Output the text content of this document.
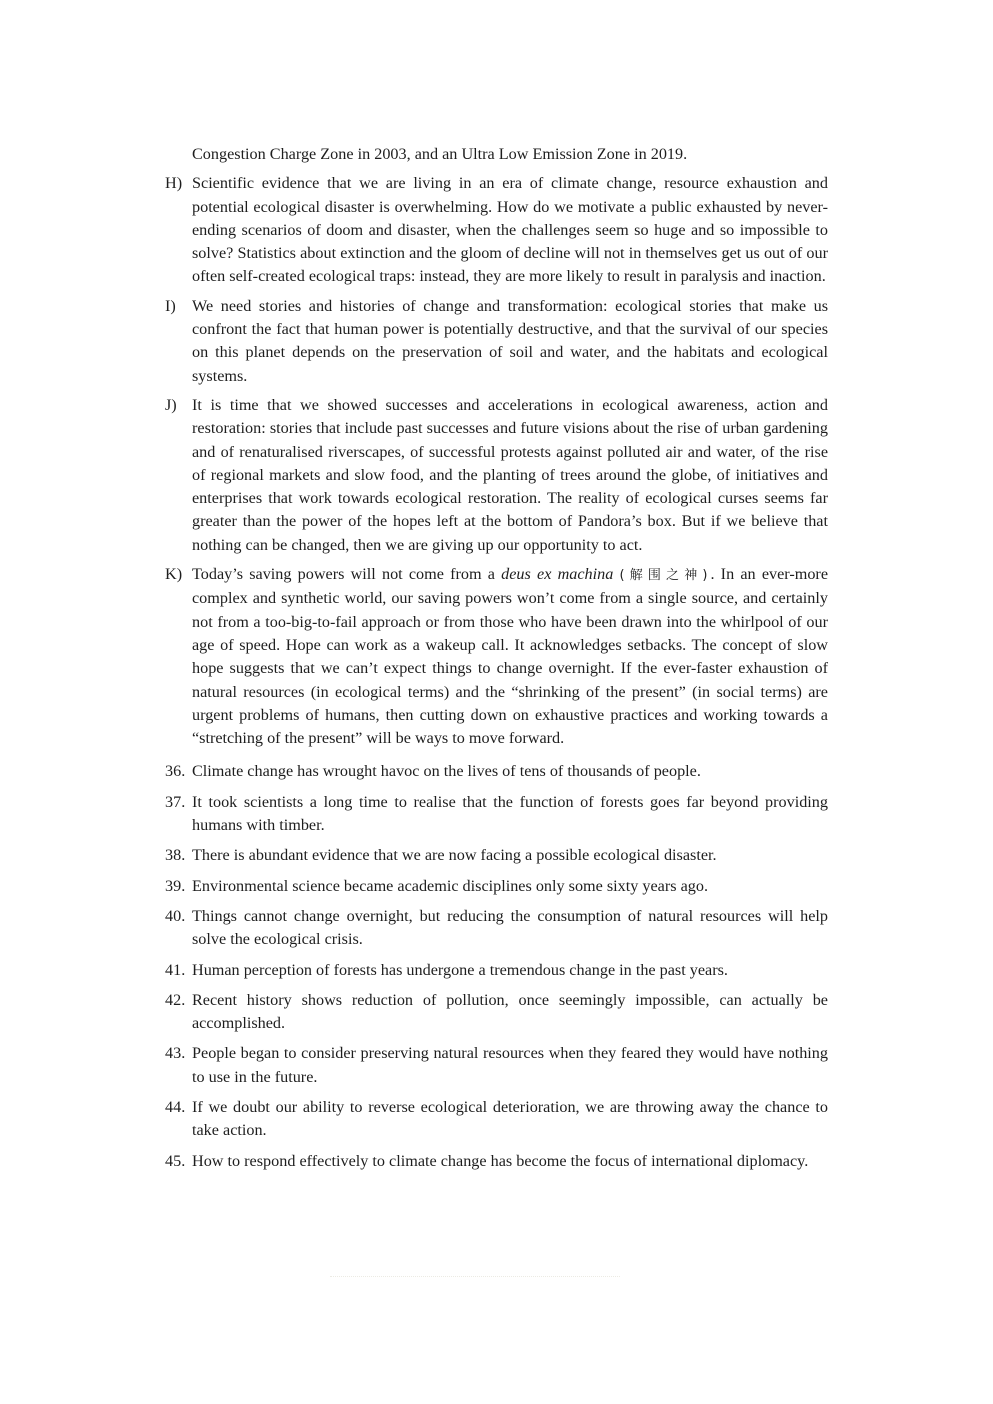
Congestion Charge Zone in 2003, and an Ultra Low Emission Zone in 2019.
H) Scientific evidence that we are living in an era of climate change, resource exhaustion and potential ecological disaster is overwhelming. How do we motivate a public exhausted by never-ending scenarios of doom and disaster, when the challenges seem so huge and so impossible to solve? Statistics about extinction and the gloom of decline will not in themselves get us out of our often self-created ecological traps: instead, they are more likely to result in paralysis and inaction.
I)	We need stories and histories of change and transformation: ecological stories that make us confront the fact that human power is potentially destructive, and that the survival of our species on this planet depends on the preservation of soil and water, and the habitats and ecological systems.
J) It is time that we showed successes and accelerations in ecological awareness, action and restoration: stories that include past successes and future visions about the rise of urban gardening and of renaturalised riverscapes, of successful protests against polluted air and water, of the rise of regional markets and slow food, and the planting of trees around the globe, of initiatives and enterprises that work towards ecological restoration. The reality of ecological curses seems far greater than the power of the hopes left at the bottom of Pandora’s box. But if we believe that nothing can be changed, then we are giving up our opportunity to act.
K) Today’s saving powers will not come from a deus ex machina (解围之神). In an ever-more complex and synthetic world, our saving powers won’t come from a single source, and certainly not from a too-big-to-fail approach or from those who have been drawn into the whirlpool of our age of speed. Hope can work as a wakeup call. It acknowledges setbacks. The concept of slow hope suggests that we can’t expect things to change overnight. If the ever-faster exhaustion of natural resources (in ecological terms) and the “shrinking of the present” (in social terms) are urgent problems of humans, then cutting down on exhaustive practices and working towards a “stretching of the present” will be ways to move forward.
36. Climate change has wrought havoc on the lives of tens of thousands of people.
37. It took scientists a long time to realise that the function of forests goes far beyond providing humans with timber.
38. There is abundant evidence that we are now facing a possible ecological disaster.
39. Environmental science became academic disciplines only some sixty years ago.
40. Things cannot change overnight, but reducing the consumption of natural resources will help solve the ecological crisis.
41. Human perception of forests has undergone a tremendous change in the past years.
42. Recent history shows reduction of pollution, once seemingly impossible, can actually be accomplished.
43. People began to consider preserving natural resources when they feared they would have nothing to use in the future.
44. If we doubt our ability to reverse ecological deterioration, we are throwing away the chance to take action.
45. How to respond effectively to climate change has become the focus of international diplomacy.
